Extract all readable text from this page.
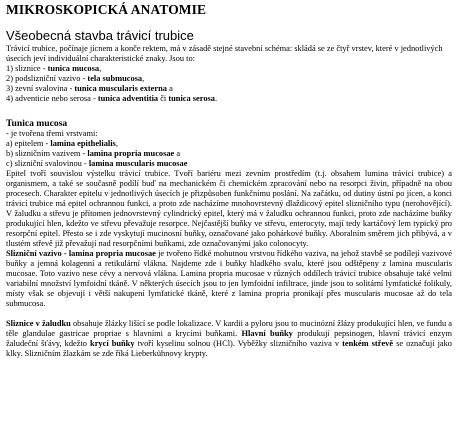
MIKROSKOPICKÁ ANATOMIE
Všeobecná stavba trávicí trubice

Trávicí trubice, počínaje jícnem a konče rektem, má v zásadě stejné stavební schéma: skládá se ze čtyř vrstev, které v jednotlivých úsecích jeví individuální charakteristické znaky. Jsou to:

1) sliznice - tunica mucosa,
2) podslizniční vazivo - tela submucosa,
3) zevní svalovina - tunica muscularis externa a
4) adventicie nebo serosa - tunica adventitia či tunica serosa.
Tunica mucosa
- je tvořena třemi vrstvami:
a) epitelem - lamina epithelialis,
b) slizničním vazivem - lamina propria mucosae a
c) slizniční svalovinou - lamina muscularis mucosae

Epitel tvoří souvislou výstelku trávicí trubice. Tvoří bariéru mezi zevním prostředím (t.j. obsahem lumina trávicí trubice) a organismem, a také se současně podílí buď na mechanickém či chemickém zpracování nebo na resorpci živin, případně na obou procesech. Charakter epitelu v jednotlivých úsecích je přizpůsoben funkčnímu poslání. Na začátku, od dutiny ústní po jícen, a konci trávicí trubice má epitel ochrannou funkci, a proto zde nacházíme mnohovrstevný dlaždicový epitel slizničního typu (nerohovějící). V žaludku a střevu je přítomen jednovrstevný cylindrický epitel, který má v žaludku ochrannou funkci, proto zde nacházíme buňky produkující hlen, kdežto ve střevu převažuje resorpce. Nejčastější buňky ve střevu, enterocyty, mají tedy kartáčový lem typický pro resorpční epitel. Přesto se i zde vyskytují mucinosní buňky, označované jako pohárkové buňky. Aboralním směrem jich přibývá, a v tlustém střevě již převažují nad resorpčními buňkami, zde označovanými jako colonocyty.

Slizniční vazivo - lamina propria mucosae je tvořeno řídké mohutnou vrstvou řídkého vaziva, na jehož stavbě se podílejí vazivové buňky a jemná kolagenní a retikulární vlákna. Najdeme zde i buňky hladkého svalu, které jsou odštěpeny z lamina muscularis mucosae. Toto vazivo nese cévy a nervová vlákna. Lamina propria mucosae v různých oddílech trávicí trubice obsahuje také velmi variabilní množství lymfoidní tkáně. V některých úsecích jsou to jen lymfoidní infiltrace, jinde jsou to solitární lymfatické folikuly, místy však se objevují i větší nakupení lymfatické tkáně, které z lamina propria pronikají přes muscularis mucosae až do tela submucosa.

Sliznice v žaludku obsahuje žlázky lišící se podle lokalizace. V kardii a pyloru jsou to mucinózní žlázy produkující hlen, ve fundu a těle glandulae gastricae propriae s hlavními a krycími buňkami. Hlavní buňky produkují pepsinogen, hlavní trávicí enzym žaludeční šťávy, kdežto krycí buňky tvoří kyselinu solnou (HCl). Vyběžky slizničního vaziva v tenkém střevě se označují jako klky. Slizničním žlazkám se zde říká Lieberkühnovy krypty.
